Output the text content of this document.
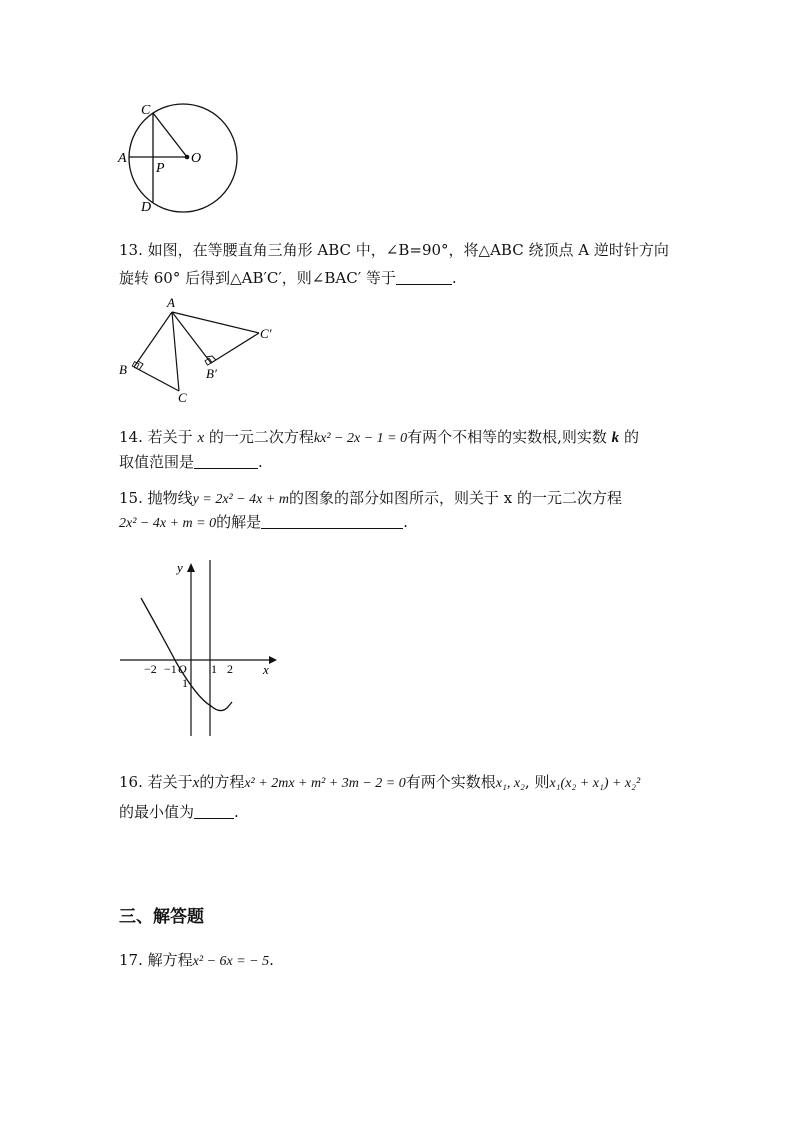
C
A
P
O
D
13. 如图，在等腰直角三角形 ABC 中，∠B=90°，将△ABC 绕顶点 A 逆时针方向
旋转 60° 后得到△AB′C′，则∠BAC′ 等于	.
A
B
C
B′
C′
14. 若关于 x 的一元二次方程kx² − 2x − 1 = 0有两个不相等的实数根,则实数 k 的
取值范围是	.
15. 抛物线y = 2x² − 4x + m的图象的部分如图所示，则关于 x 的一元二次方程
2x² − 4x + m = 0的解是	.
−2 −1 O 1 2
1
y
x
16. 若关于x的方程x² + 2mx + m² + 3m − 2 = 0有两个实数根x₁, x₂, 则x₁(x₂ + x₁) + x₂²
的最小值为	.
三、解答题
17. 解方程x² − 6x = − 5.
